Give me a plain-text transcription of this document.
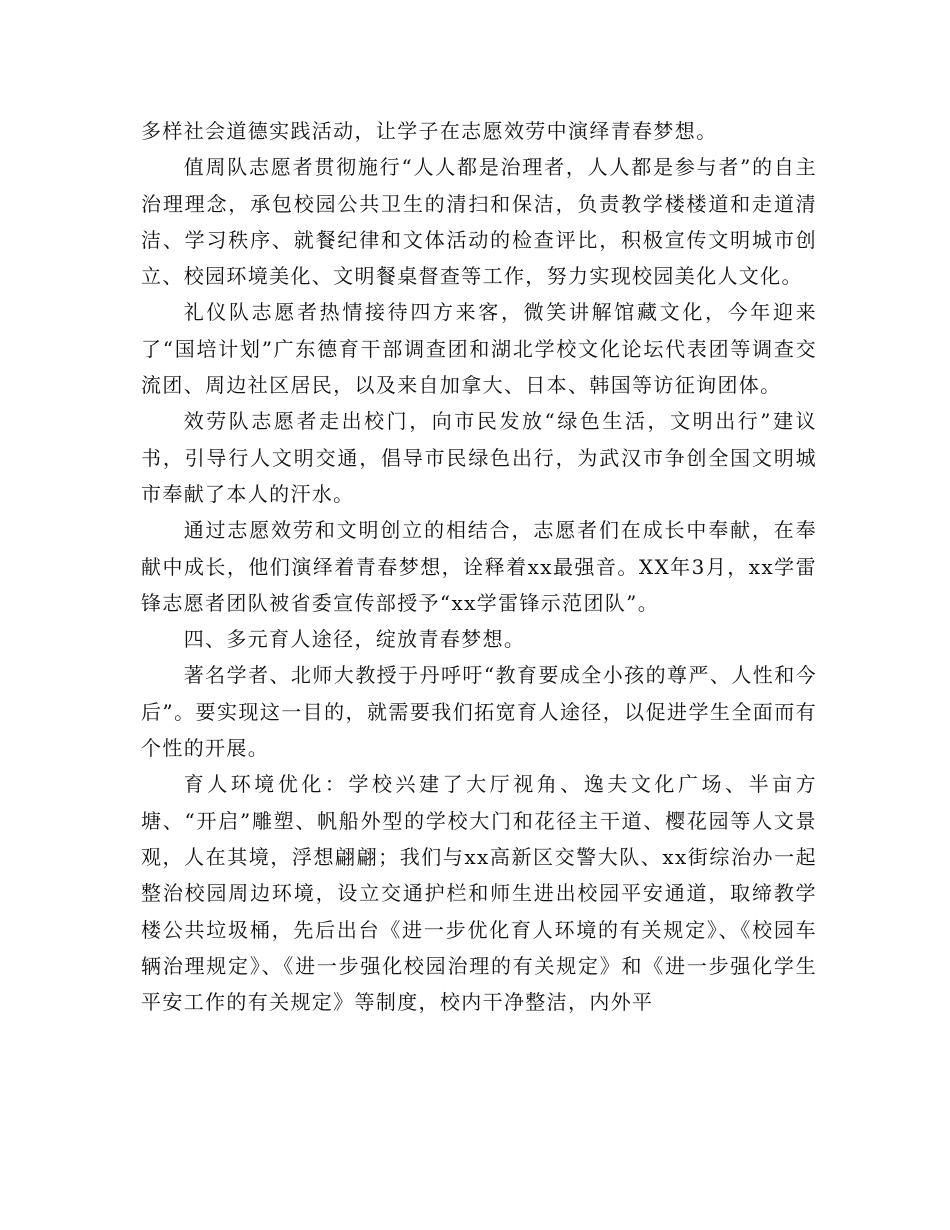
多样社会道德实践活动，让学子在志愿效劳中演绎青春梦想。

值周队志愿者贯彻施行“人人都是治理者，人人都是参与者”的自主治理理念，承包校园公共卫生的清扫和保洁，负责教学楼楼道和走道清洁、学习秩序、就餐纪律和文体活动的检查评比，积极宣传文明城市创立、校园环境美化、文明餐桌督查等工作，努力实现校园美化人文化。

礼仪队志愿者热情接待四方来客，微笑讲解馆藏文化，今年迎来了“国培计划”广东德育干部调查团和湖北学校文化论坛代表团等调查交流团、周边社区居民，以及来自加拿大、日本、韩国等访征询团体。

效劳队志愿者走出校门，向市民发放“绿色生活，文明出行”建议书，引导行人文明交通，倡导市民绿色出行，为武汉市争创全国文明城市奉献了本人的汗水。

通过志愿效劳和文明创立的相结合，志愿者们在成长中奉献，在奉献中成长，他们演绎着青春梦想，诠释着xx最强音。XX年3月，xx学雷锋志愿者团队被省委宣传部授予“xx学雷锋示范团队”。

四、多元育人途径，绽放青春梦想。

著名学者、北师大教授于丹呼吁“教育要成全小孩的尊严、人性和今后”。要实现这一目的，就需要我们拓宽育人途径，以促进学生全面而有个性的开展。

育人环境优化：学校兴建了大厅视角、逸夫文化广场、半亩方塘、“开启”雕塑、帆船外型的学校大门和花径主干道、樱花园等人文景观，人在其境，浮想翩翩；我们与xx高新区交警大队、xx街综治办一起整治校园周边环境，设立交通护栏和师生进出校园平安通道，取缔教学楼公共垃圾桶，先后出台《进一步优化育人环境的有关规定》、《校园车辆治理规定》、《进一步强化校园治理的有关规定》和《进一步强化学生平安工作的有关规定》等制度，校内干净整洁，内外平
